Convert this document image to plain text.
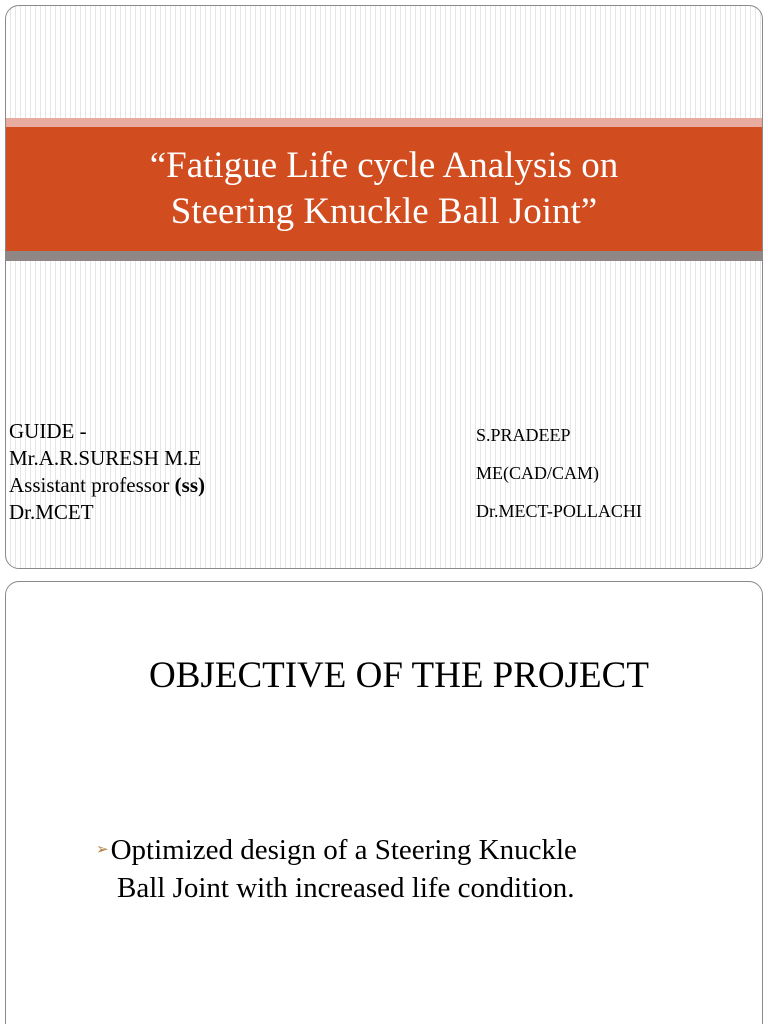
“Fatigue Life cycle Analysis on
Steering Knuckle Ball Joint”
GUIDE -
Mr.A.R.SURESH M.E
Assistant professor (ss)
Dr.MCET
S.PRADEEP
ME(CAD/CAM)
Dr.MECT-POLLACHI
OBJECTIVE OF THE PROJECT
➢Optimized design of a Steering Knuckle
Ball Joint with increased life condition.
